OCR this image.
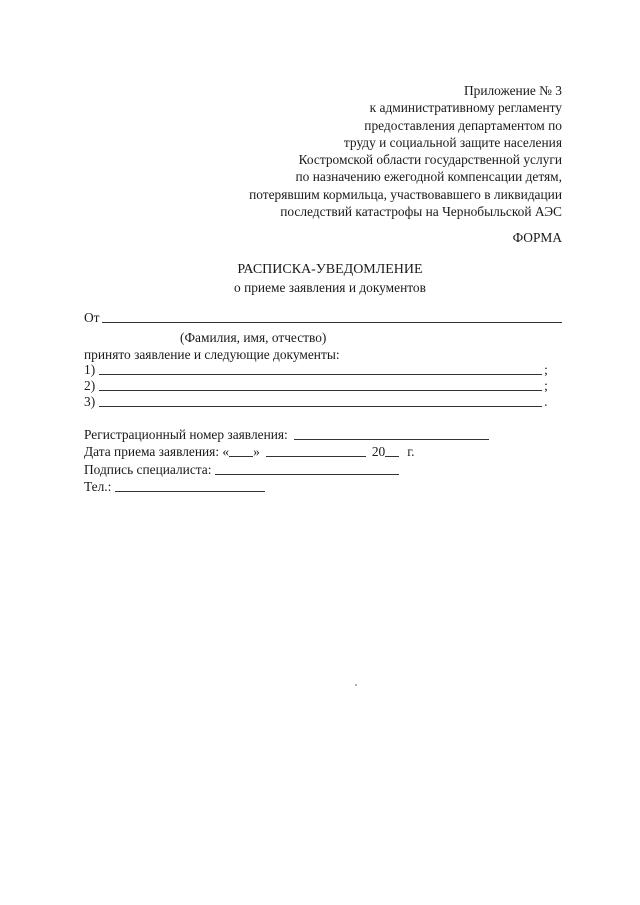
Приложение № 3
к административному регламенту
предоставления департаментом по
труду и социальной защите населения
Костромской области государственной услуги
по назначению ежегодной компенсации детям,
потерявшим кормильца, участвовавшего в ликвидации
последствий катастрофы на Чернобыльской АЭС
ФОРМА
РАСПИСКА-УВЕДОМЛЕНИЕ
о приеме заявления и документов
От
(Фамилия, имя, отчество)
принято заявление и следующие документы:
1)	;
2)	;
3)	.
Регистрационный номер заявления:
Дата приема заявления: « »	20 г.
Подпись специалиста:
Тел.:
